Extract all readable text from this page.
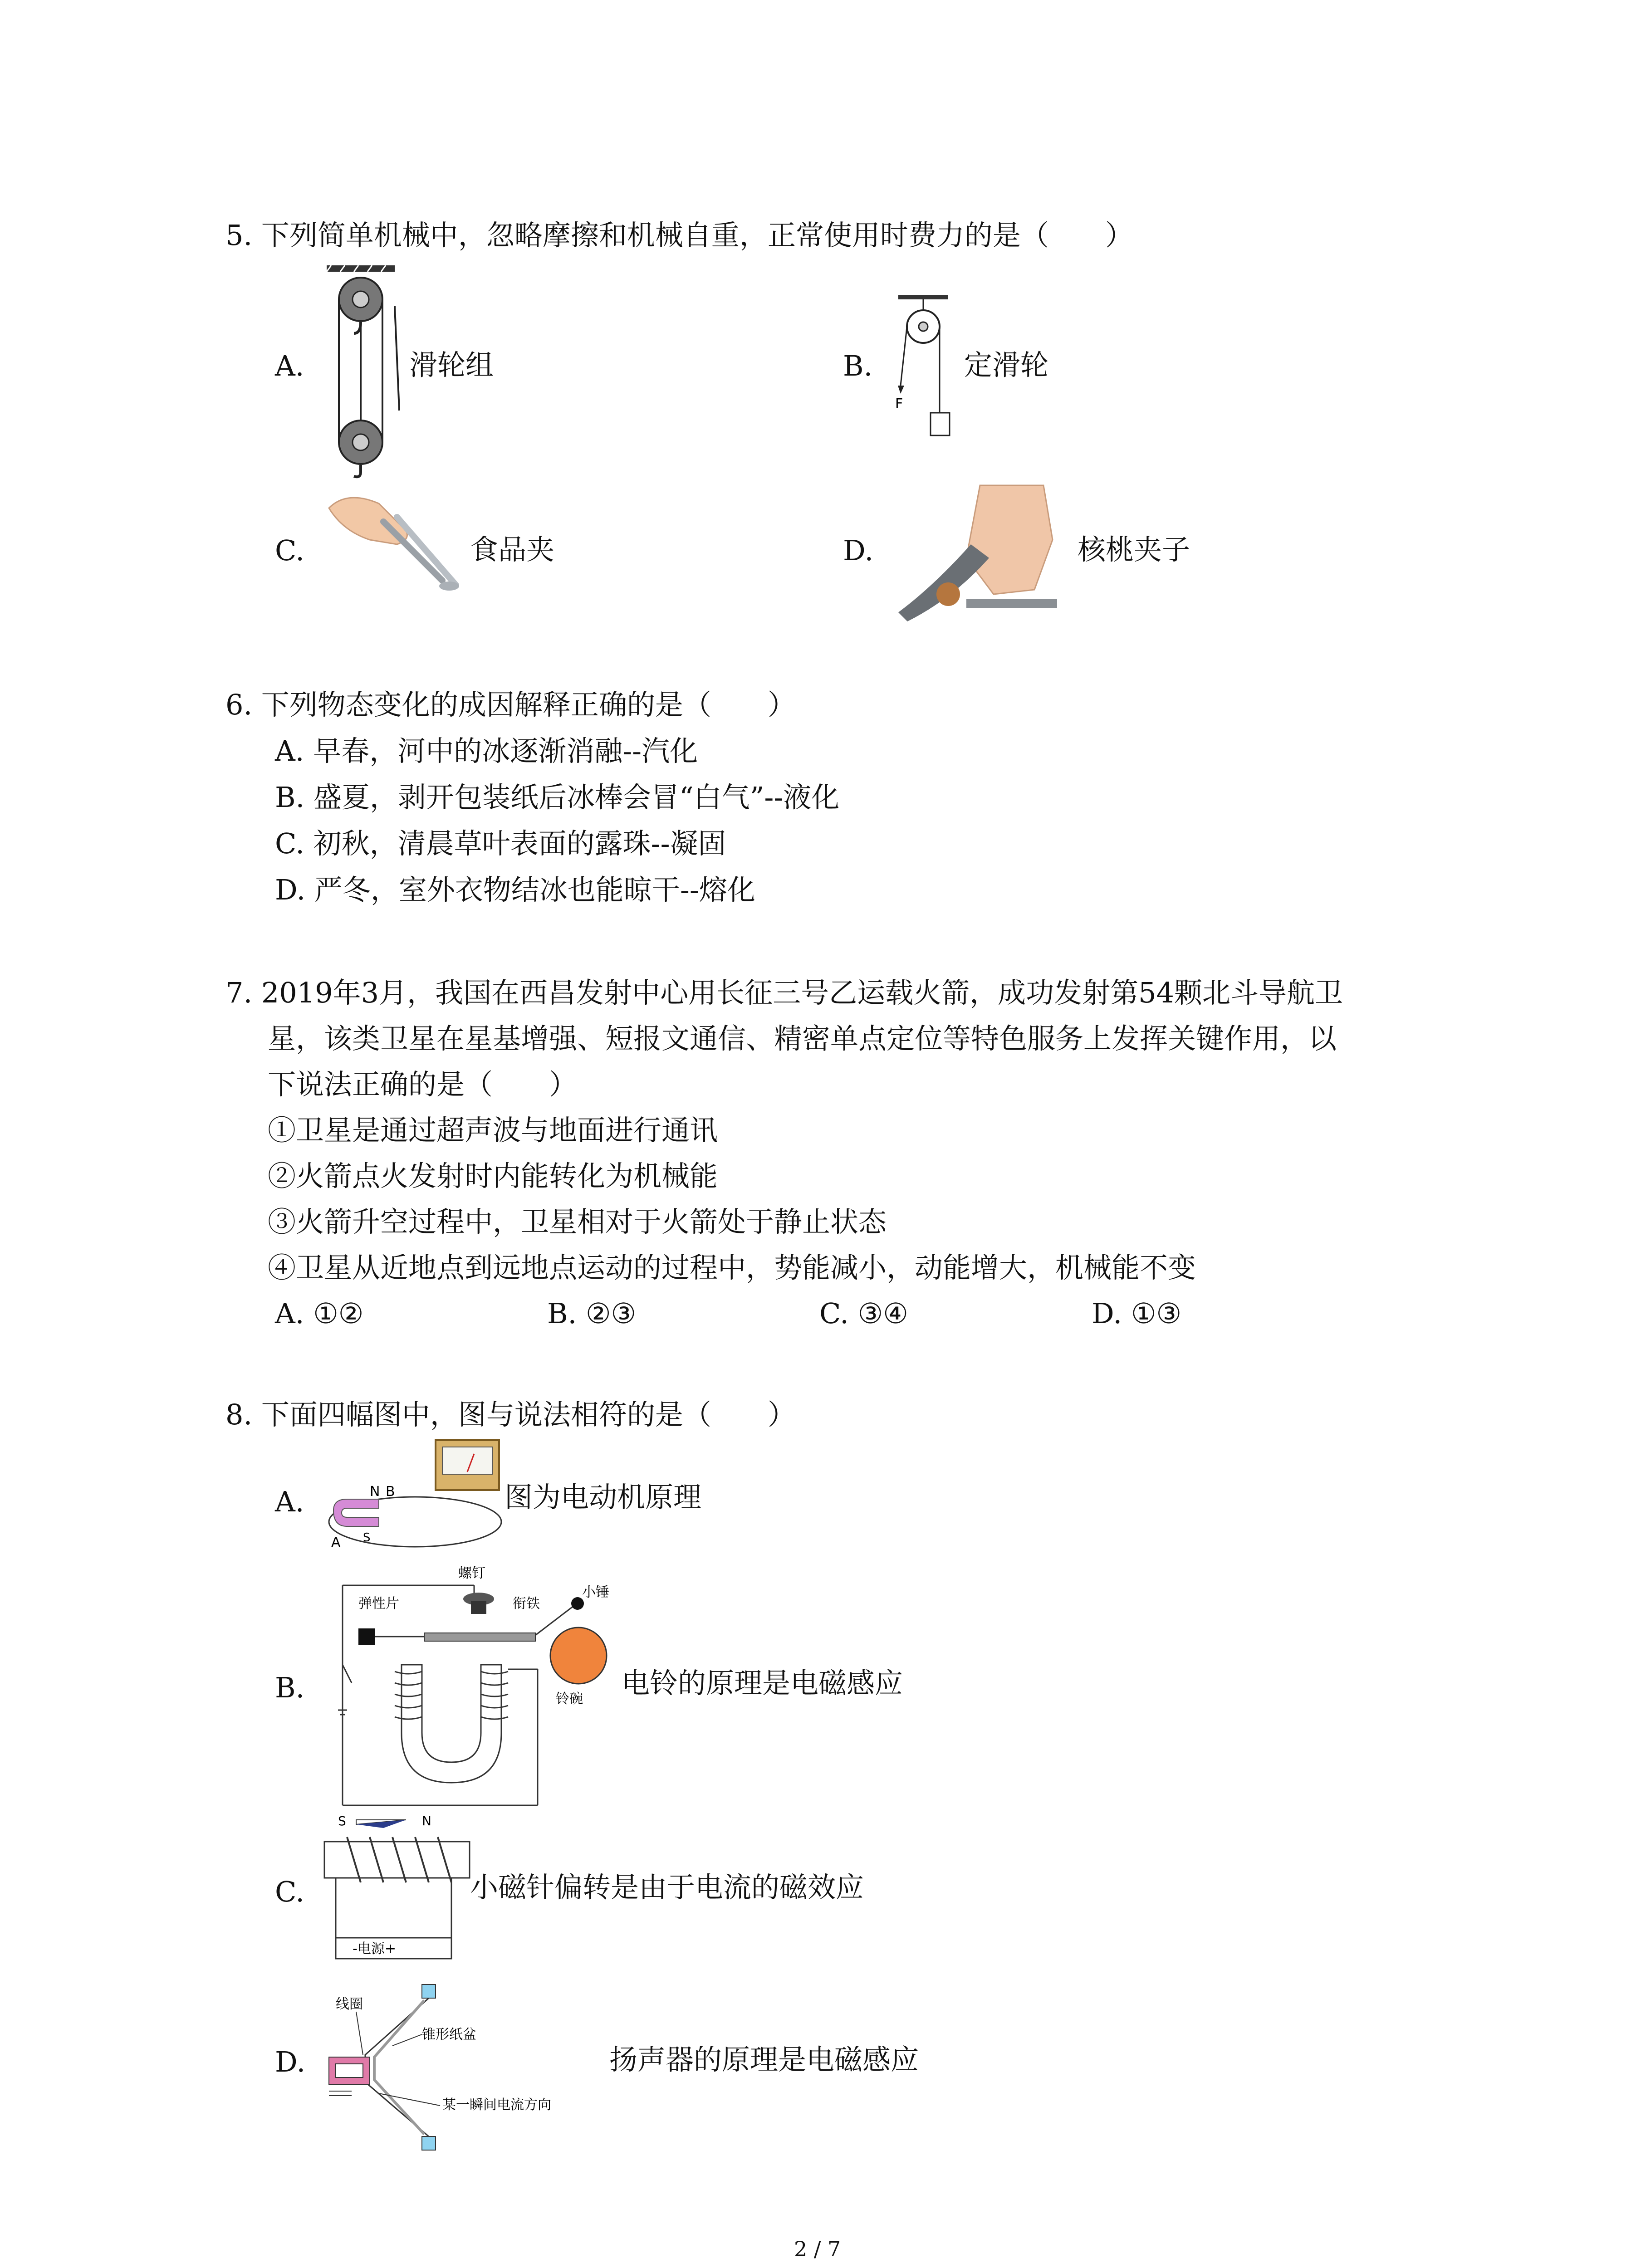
5. 下列简单机械中，忽略摩擦和机械自重，正常使用时费力的是（　　）
A.	滑轮组	B.
F
定滑轮
C.	食品夹	D.	核桃夹子
6. 下列物态变化的成因解释正确的是（　　）
A. 早春，河中的冰逐渐消融--汽化
B. 盛夏，剥开包装纸后冰棒会冒“白气”--液化
C. 初秋，清晨草叶表面的露珠--凝固
D. 严冬，室外衣物结冰也能晾干--熔化
7. 2019年3月，我国在西昌发射中心用长征三号乙运载火箭，成功发射第54颗北斗导航卫
星，该类卫星在星基增强、短报文通信、精密单点定位等特色服务上发挥关键作用，以
下说法正确的是（　　）
①卫星是通过超声波与地面进行通讯
②火箭点火发射时内能转化为机械能
③火箭升空过程中，卫星相对于火箭处于静止状态
④卫星从近地点到远地点运动的过程中，势能减小，动能增大，机械能不变
A. ①②	B. ②③	C. ③④	D. ①③
8. 下面四幅图中，图与说法相符的是（　　）
A.	N B
A S
图为电动机原理
B.
螺钉
小锤
弹性片	衔铁
铃碗 电铃的原理是电磁感应
C.
S	N
-电源+
小磁针偏转是由于电流的磁效应
D.
线圈
锥形纸盆
某一瞬间电流方向
扬声器的原理是电磁感应
2 / 7
